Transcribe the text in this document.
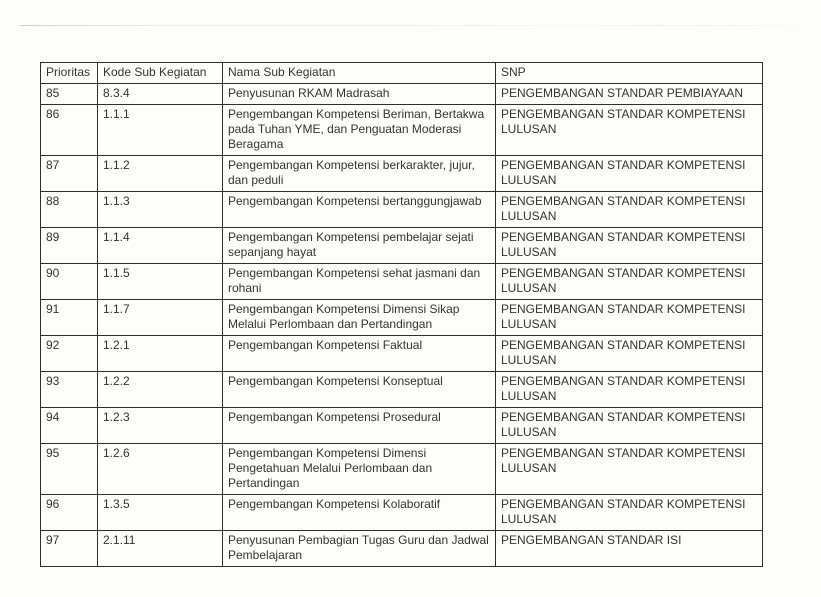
Prioritas	Kode Sub Kegiatan	Nama Sub Kegiatan	SNP
85	8.3.4	Penyusunan RKAM Madrasah	PENGEMBANGAN STANDAR PEMBIAYAAN
86	1.1.1	Pengembangan Kompetensi Beriman, Bertakwa pada Tuhan YME, dan Penguatan Moderasi Beragama	PENGEMBANGAN STANDAR KOMPETENSI LULUSAN
87	1.1.2	Pengembangan Kompetensi berkarakter, jujur, dan peduli	PENGEMBANGAN STANDAR KOMPETENSI LULUSAN
88	1.1.3	Pengembangan Kompetensi bertanggungjawab	PENGEMBANGAN STANDAR KOMPETENSI LULUSAN
89	1.1.4	Pengembangan Kompetensi pembelajar sejati sepanjang hayat	PENGEMBANGAN STANDAR KOMPETENSI LULUSAN
90	1.1.5	Pengembangan Kompetensi sehat jasmani dan rohani	PENGEMBANGAN STANDAR KOMPETENSI LULUSAN
91	1.1.7	Pengembangan Kompetensi Dimensi Sikap Melalui Perlombaan dan Pertandingan	PENGEMBANGAN STANDAR KOMPETENSI LULUSAN
92	1.2.1	Pengembangan Kompetensi Faktual	PENGEMBANGAN STANDAR KOMPETENSI LULUSAN
93	1.2.2	Pengembangan Kompetensi Konseptual	PENGEMBANGAN STANDAR KOMPETENSI LULUSAN
94	1.2.3	Pengembangan Kompetensi Prosedural	PENGEMBANGAN STANDAR KOMPETENSI LULUSAN
95	1.2.6	Pengembangan Kompetensi Dimensi Pengetahuan Melalui Perlombaan dan Pertandingan	PENGEMBANGAN STANDAR KOMPETENSI LULUSAN
96	1.3.5	Pengembangan Kompetensi Kolaboratif	PENGEMBANGAN STANDAR KOMPETENSI LULUSAN
97	2.1.11	Penyusunan Pembagian Tugas Guru dan Jadwal Pembelajaran	PENGEMBANGAN STANDAR ISI
